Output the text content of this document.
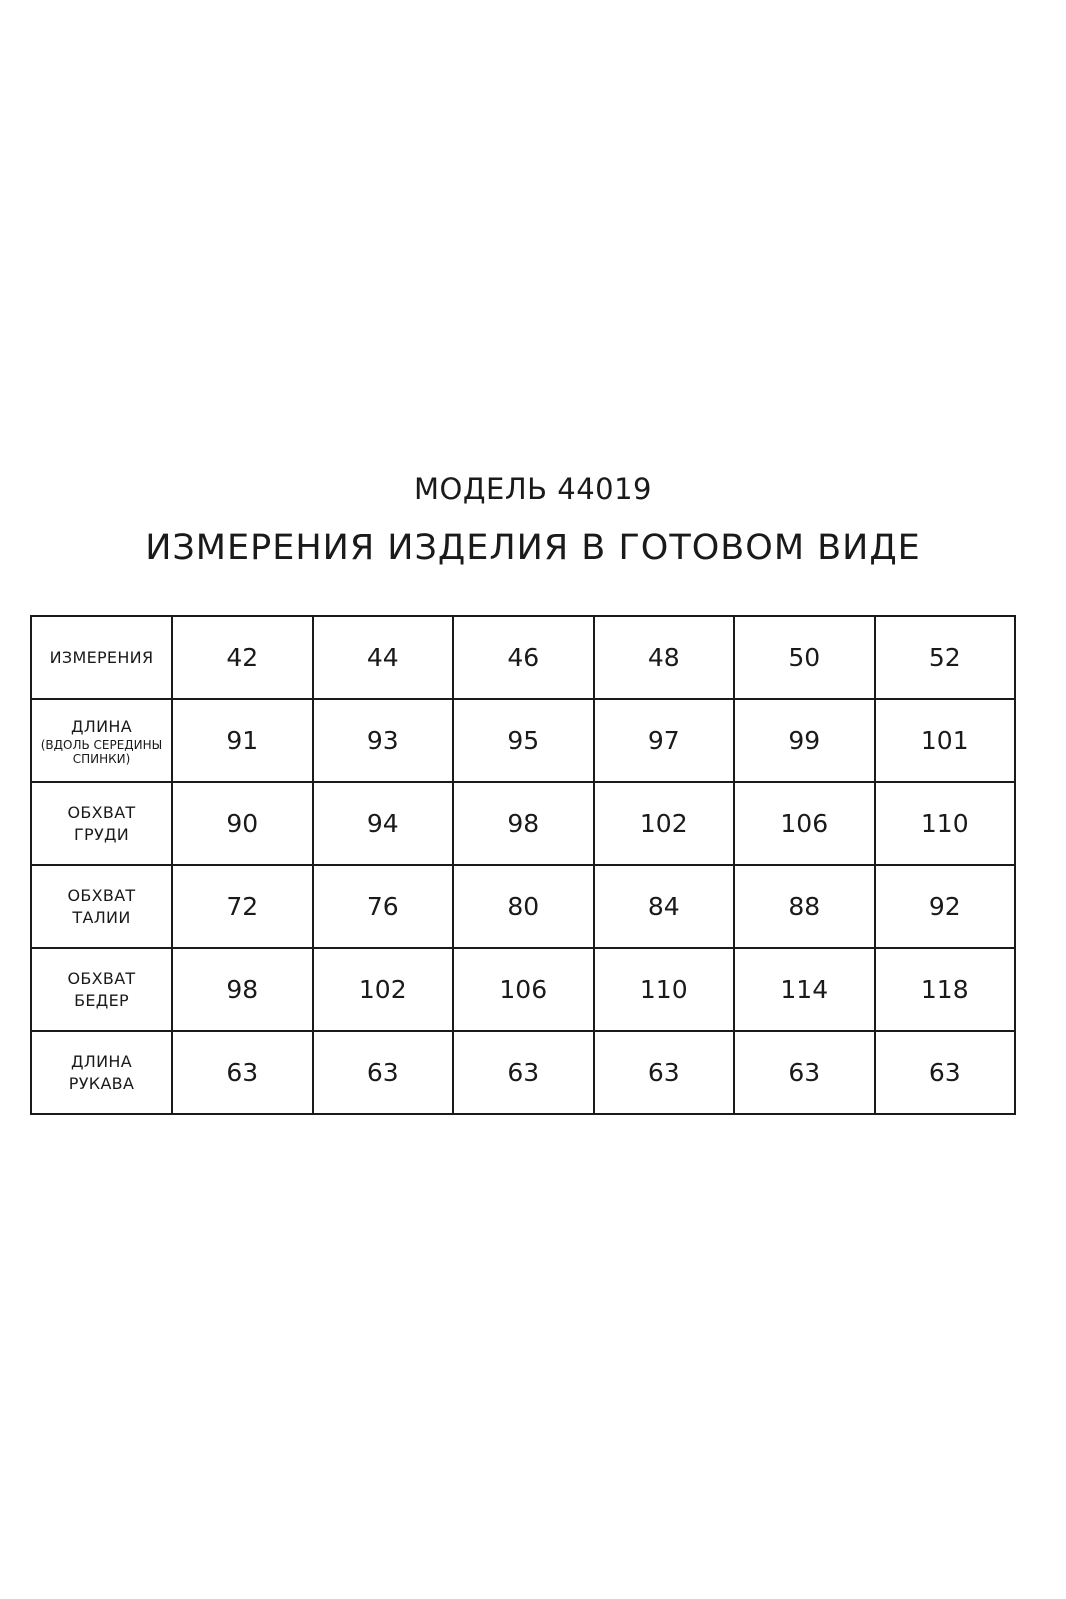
МОДЕЛЬ 44019
ИЗМЕРЕНИЯ ИЗДЕЛИЯ В ГОТОВОМ ВИДЕ
ИЗМЕРЕНИЯ	42	44	46	48	50	52

ДЛИНА
(ВДОЛЬ СЕРЕДИНЫ
СПИНКИ)	91	93	95	97	99	101

ОБХВАТ
ГРУДИ	90	94	98	102	106	110

ОБХВАТ
ТАЛИИ	72	76	80	84	88	92

ОБХВАТ
БЕДЕР	98	102	106	110	114	118

ДЛИНА
РУКАВА	63	63	63	63	63	63
